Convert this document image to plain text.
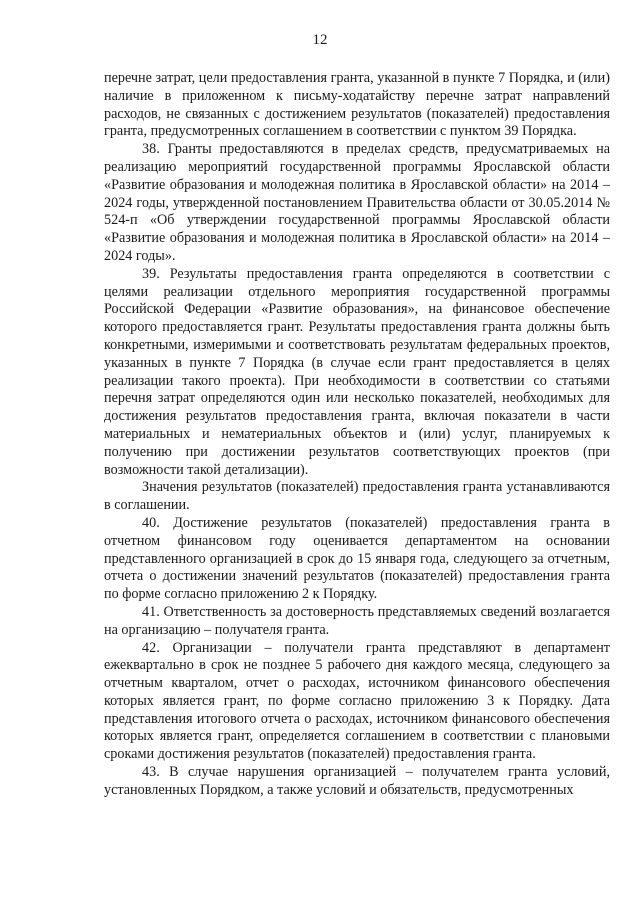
12

перечне затрат, цели предоставления гранта, указанной в пункте 7 Порядка, и (или) наличие в приложенном к письму-ходатайству перечне затрат направлений расходов, не связанных с достижением результатов (показателей) предоставления гранта, предусмотренных соглашением в соответствии с пунктом 39 Порядка.

38. Гранты предоставляются в пределах средств, предусматриваемых на реализацию мероприятий государственной программы Ярославской области «Развитие образования и молодежная политика в Ярославской области» на 2014 – 2024 годы, утвержденной постановлением Правительства области от 30.05.2014 № 524-п «Об утверждении государственной программы Ярославской области «Развитие образования и молодежная политика в Ярославской области» на 2014 – 2024 годы».

39. Результаты предоставления гранта определяются в соответствии с целями реализации отдельного мероприятия государственной программы Российской Федерации «Развитие образования», на финансовое обеспечение которого предоставляется грант. Результаты предоставления гранта должны быть конкретными, измеримыми и соответствовать результатам федеральных проектов, указанных в пункте 7 Порядка (в случае если грант предоставляется в целях реализации такого проекта). При необходимости в соответствии со статьями перечня затрат определяются один или несколько показателей, необходимых для достижения результатов предоставления гранта, включая показатели в части материальных и нематериальных объектов и (или) услуг, планируемых к получению при достижении результатов соответствующих проектов (при возможности такой детализации).

Значения результатов (показателей) предоставления гранта устанавливаются в соглашении.

40. Достижение результатов (показателей) предоставления гранта в отчетном финансовом году оценивается департаментом на основании представленного организацией в срок до 15 января года, следующего за отчетным, отчета о достижении значений результатов (показателей) предоставления гранта по форме согласно приложению 2 к Порядку.

41. Ответственность за достоверность представляемых сведений возлагается на организацию – получателя гранта.

42. Организации – получатели гранта представляют в департамент ежеквартально в срок не позднее 5 рабочего дня каждого месяца, следующего за отчетным кварталом, отчет о расходах, источником финансового обеспечения которых является грант, по форме согласно приложению 3 к Порядку. Дата представления итогового отчета о расходах, источником финансового обеспечения которых является грант, определяется соглашением в соответствии с плановыми сроками достижения результатов (показателей) предоставления гранта.

43. В случае нарушения организацией – получателем гранта условий, установленных Порядком, а также условий и обязательств, предусмотренных
